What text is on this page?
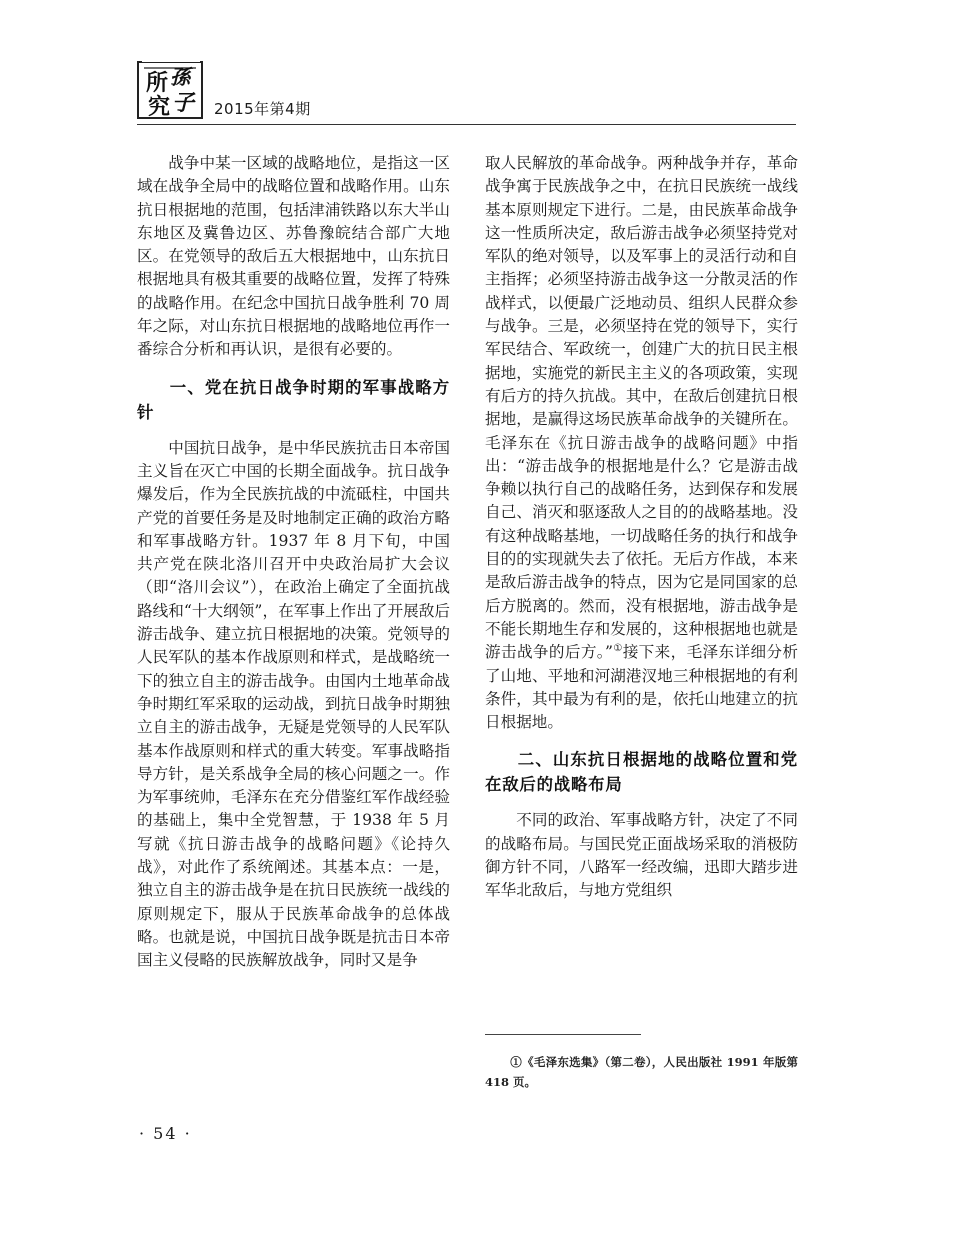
所 孫
究 子 2015年第4期

战争中某一区域的战略地位，是指这一区域在战争全局中的战略位置和战略作用。山东抗日根据地的范围，包括津浦铁路以东大半山东地区及冀鲁边区、苏鲁豫皖结合部广大地区。在党领导的敌后五大根据地中，山东抗日根据地具有极其重要的战略位置，发挥了特殊的战略作用。在纪念中国抗日战争胜利 70 周年之际，对山东抗日根据地的战略地位再作一番综合分析和再认识，是很有必要的。

一、党在抗日战争时期的军事战略方针

中国抗日战争，是中华民族抗击日本帝国主义旨在灭亡中国的长期全面战争。抗日战争爆发后，作为全民族抗战的中流砥柱，中国共产党的首要任务是及时地制定正确的政治方略和军事战略方针。1937 年 8 月下旬，中国共产党在陕北洛川召开中央政治局扩大会议（即“洛川会议”），在政治上确定了全面抗战路线和“十大纲领”，在军事上作出了开展敌后游击战争、建立抗日根据地的决策。党领导的人民军队的基本作战原则和样式，是战略统一下的独立自主的游击战争。由国内土地革命战争时期红军采取的运动战，到抗日战争时期独立自主的游击战争，无疑是党领导的人民军队基本作战原则和样式的重大转变。军事战略指导方针，是关系战争全局的核心问题之一。作为军事统帅，毛泽东在充分借鉴红军作战经验的基础上，集中全党智慧，于 1938 年 5 月写就《抗日游击战争的战略问题》《论持久战》，对此作了系统阐述。其基本点：一是，独立自主的游击战争是在抗日民族统一战线的原则规定下，服从于民族革命战争的总体战略。也就是说，中国抗日战争既是抗击日本帝国主义侵略的民族解放战争，同时又是争

取人民解放的革命战争。两种战争并存，革命战争寓于民族战争之中，在抗日民族统一战线基本原则规定下进行。二是，由民族革命战争这一性质所决定，敌后游击战争必须坚持党对军队的绝对领导，以及军事上的灵活行动和自主指挥；必须坚持游击战争这一分散灵活的作战样式，以便最广泛地动员、组织人民群众参与战争。三是，必须坚持在党的领导下，实行军民结合、军政统一，创建广大的抗日民主根据地，实施党的新民主主义的各项政策，实现有后方的持久抗战。其中，在敌后创建抗日根据地，是赢得这场民族革命战争的关键所在。毛泽东在《抗日游击战争的战略问题》中指出：“游击战争的根据地是什么？它是游击战争赖以执行自己的战略任务，达到保存和发展自己、消灭和驱逐敌人之目的的战略基地。没有这种战略基地，一切战略任务的执行和战争目的的实现就失去了依托。无后方作战，本来是敌后游击战争的特点，因为它是同国家的总后方脱离的。然而，没有根据地，游击战争是不能长期地生存和发展的，这种根据地也就是游击战争的后方。”①接下来，毛泽东详细分析了山地、平地和河湖港汊地三种根据地的有利条件，其中最为有利的是，依托山地建立的抗日根据地。

二、山东抗日根据地的战略位置和党在敌后的战略布局

不同的政治、军事战略方针，决定了不同的战略布局。与国民党正面战场采取的消极防御方针不同，八路军一经改编，迅即大踏步进军华北敌后，与地方党组织

①《毛泽东选集》（第二卷），人民出版社 1991 年版第 418 页。
· 54 ·
